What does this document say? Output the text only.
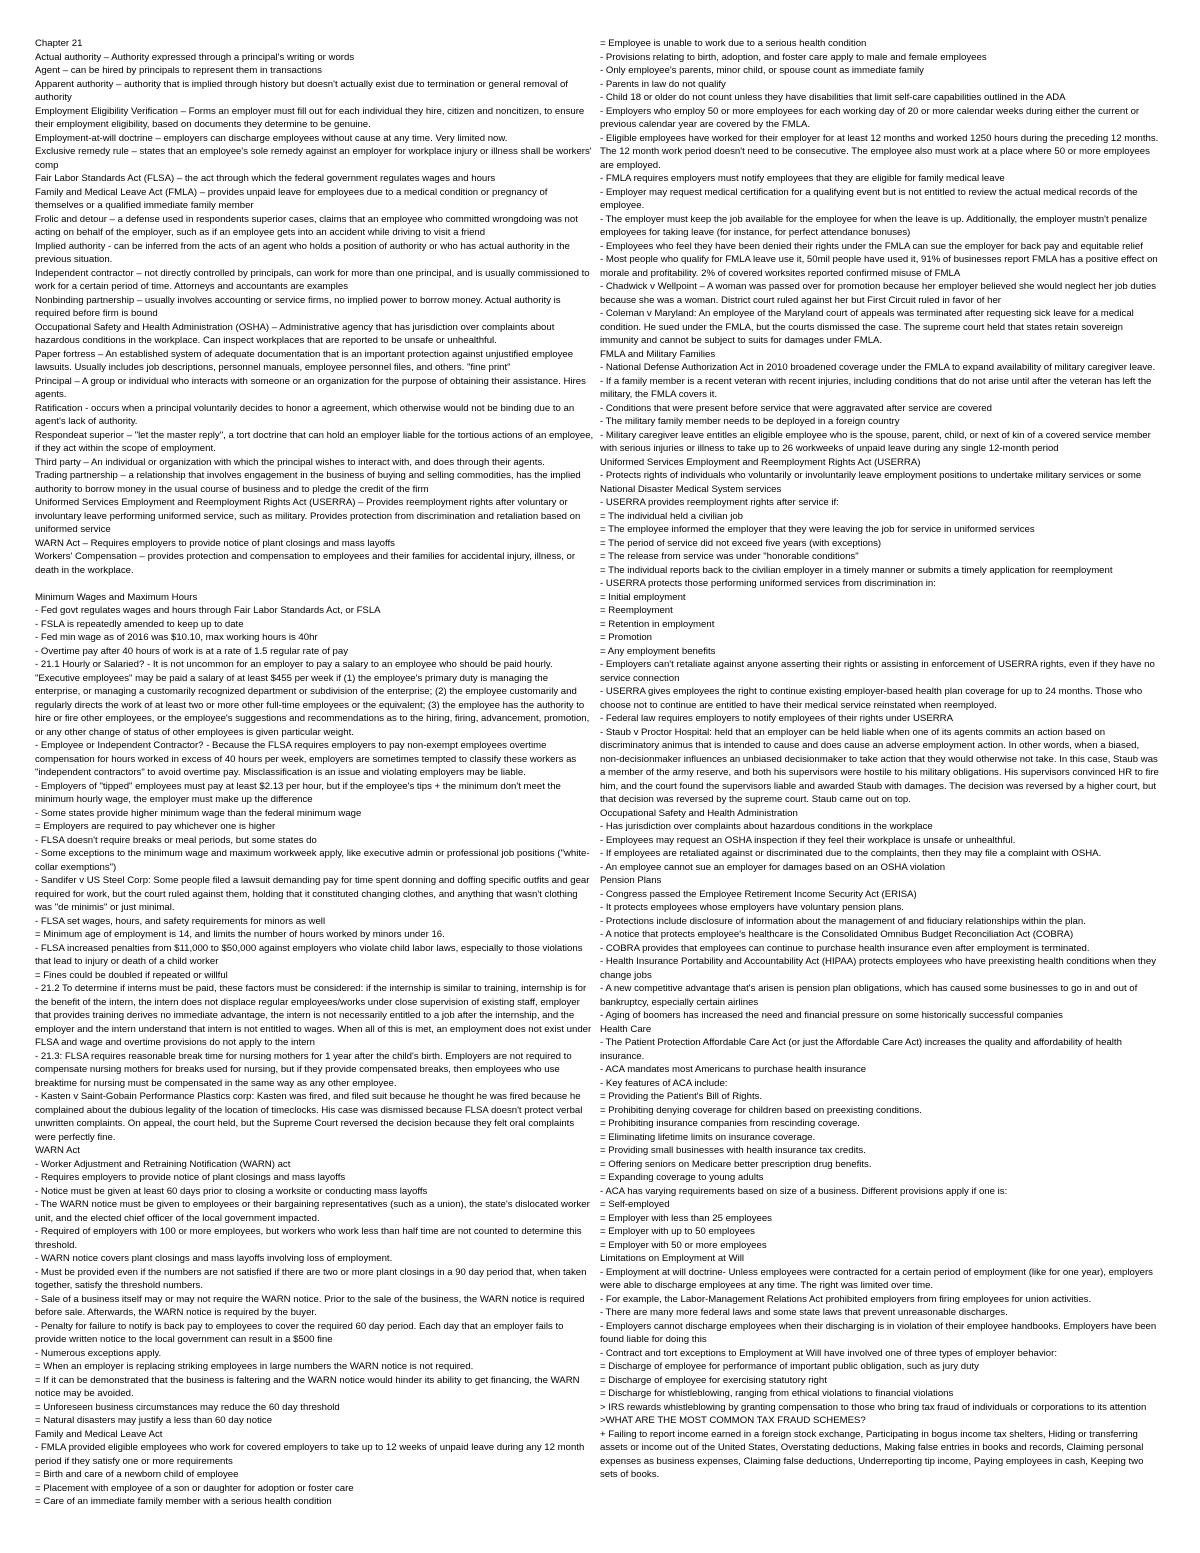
Chapter 21
Actual authority – Authority expressed through a principal's writing or words
Agent – can be hired by principals to represent them in transactions
Apparent authority – authority that is implied through history but doesn't actually exist due to termination or general removal of authority
Employment Eligibility Verification – Forms an employer must fill out for each individual they hire, citizen and noncitizen, to ensure their employment eligibility, based on documents they determine to be genuine.
Employment-at-will doctrine – employers can discharge employees without cause at any time. Very limited now.
Exclusive remedy rule – states that an employee's sole remedy against an employer for workplace injury or illness shall be workers' comp
Fair Labor Standards Act (FLSA) – the act through which the federal government regulates wages and hours
Family and Medical Leave Act (FMLA) – provides unpaid leave for employees due to a medical condition or pregnancy of themselves or a qualified immediate family member
Frolic and detour – a defense used in respondents superior cases, claims that an employee who committed wrongdoing was not acting on behalf of the employer, such as if an employee gets into an accident while driving to visit a friend
Implied authority - can be inferred from the acts of an agent who holds a position of authority or who has actual authority in the previous situation.
Independent contractor – not directly controlled by principals, can work for more than one principal, and is usually commissioned to work for a certain period of time. Attorneys and accountants are examples
Nonbinding partnership – usually involves accounting or service firms, no implied power to borrow money. Actual authority is required before firm is bound
Occupational Safety and Health Administration (OSHA) – Administrative agency that has jurisdiction over complaints about hazardous conditions in the workplace. Can inspect workplaces that are reported to be unsafe or unhealthful.
Paper fortress – An established system of adequate documentation that is an important protection against unjustified employee lawsuits. Usually includes job descriptions, personnel manuals, employee personnel files, and others. "fine print"
Principal – A group or individual who interacts with someone or an organization for the purpose of obtaining their assistance. Hires agents.
Ratification - occurs when a principal voluntarily decides to honor a agreement, which otherwise would not be binding due to an agent's lack of authority.
Respondeat superior – "let the master reply", a tort doctrine that can hold an employer liable for the tortious actions of an employee, if they act within the scope of employment.
Third party – An individual or organization with which the principal wishes to interact with, and does through their agents.
Trading partnership – a relationship that involves engagement in the business of buying and selling commodities, has the implied authority to borrow money in the usual course of business and to pledge the credit of the firm
Uniformed Services Employment and Reemployment Rights Act (USERRA) – Provides reemployment rights after voluntary or involuntary leave performing uniformed service, such as military. Provides protection from discrimination and retaliation based on uniformed service
WARN Act – Requires employers to provide notice of plant closings and mass layoffs
Workers' Compensation – provides protection and compensation to employees and their families for accidental injury, illness, or death in the workplace.
Minimum Wages and Maximum Hours
- Fed govt regulates wages and hours through Fair Labor Standards Act, or FSLA
- FSLA is repeatedly amended to keep up to date
- Fed min wage as of 2016 was $10.10, max working hours is 40hr
- Overtime pay after 40 hours of work is at a rate of 1.5 regular rate of pay
- 21.1 Hourly or Salaried? - It is not uncommon for an employer to pay a salary to an employee who should be paid hourly. "Executive employees" may be paid a salary of at least $455 per week if (1) the employee's primary duty is managing the enterprise, or managing a customarily recognized department or subdivision of the enterprise; (2) the employee customarily and regularly directs the work of at least two or more other full-time employees or the equivalent; (3) the employee has the authority to hire or fire other employees, or the employee's suggestions and recommendations as to the hiring, firing, advancement, promotion, or any other change of status of other employees is given particular weight.
- Employee or Independent Contractor? - Because the FLSA requires employers to pay non-exempt employees overtime compensation for hours worked in excess of 40 hours per week, employers are sometimes tempted to classify these workers as "independent contractors" to avoid overtime pay. Misclassification is an issue and violating employers may be liable.
- Employers of "tipped" employees must pay at least $2.13 per hour, but if the employee's tips + the minimum don't meet the minimum hourly wage, the employer must make up the difference
- Some states provide higher minimum wage than the federal minimum wage
= Employers are required to pay whichever one is higher
- FLSA doesn't require breaks or meal periods, but some states do
- Some exceptions to the minimum wage and maximum workweek apply, like executive admin or professional job positions ("white-collar exemptions")
- Sandifer v US Steel Corp: Some people filed a lawsuit demanding pay for time spent donning and doffing specific outfits and gear required for work, but the court ruled against them, holding that it constituted changing clothes, and anything that wasn't clothing was "de minimis" or just minimal.
- FLSA set wages, hours, and safety requirements for minors as well
= Minimum age of employment is 14, and limits the number of hours worked by minors under 16.
- FLSA increased penalties from $11,000 to $50,000 against employers who violate child labor laws, especially to those violations that lead to injury or death of a child worker
= Fines could be doubled if repeated or willful
- 21.2 To determine if interns must be paid, these factors must be considered: if the internship is similar to training, internship is for the benefit of the intern, the intern does not displace regular employees/works under close supervision of existing staff, employer that provides training derives no immediate advantage, the intern is not necessarily entitled to a job after the internship, and the employer and the intern understand that intern is not entitled to wages. When all of this is met, an employment does not exist under FLSA and wage and overtime provisions do not apply to the intern
- 21.3: FLSA requires reasonable break time for nursing mothers for 1 year after the child's birth. Employers are not required to compensate nursing mothers for breaks used for nursing, but if they provide compensated breaks, then employees who use breaktime for nursing must be compensated in the same way as any other employee.
- Kasten v Saint-Gobain Performance Plastics corp: Kasten was fired, and filed suit because he thought he was fired because he complained about the dubious legality of the location of timeclocks. His case was dismissed because FLSA doesn't protect verbal unwritten complaints. On appeal, the court held, but the Supreme Court reversed the decision because they felt oral complaints were perfectly fine.
WARN Act
- Worker Adjustment and Retraining Notification (WARN) act
- Requires employers to provide notice of plant closings and mass layoffs
- Notice must be given at least 60 days prior to closing a worksite or conducting mass layoffs
- The WARN notice must be given to employees or their bargaining representatives (such as a union), the state's dislocated worker unit, and the elected chief officer of the local government impacted.
- Required of employers with 100 or more employees, but workers who work less than half time are not counted to determine this threshold.
- WARN notice covers plant closings and mass layoffs involving loss of employment.
- Must be provided even if the numbers are not satisfied if there are two or more plant closings in a 90 day period that, when taken together, satisfy the threshold numbers.
- Sale of a business itself may or may not require the WARN notice. Prior to the sale of the business, the WARN notice is required before sale. Afterwards, the WARN notice is required by the buyer.
- Penalty for failure to notify is back pay to employees to cover the required 60 day period. Each day that an employer fails to provide written notice to the local government can result in a $500 fine
- Numerous exceptions apply.
= When an employer is replacing striking employees in large numbers the WARN notice is not required.
= If it can be demonstrated that the business is faltering and the WARN notice would hinder its ability to get financing, the WARN notice may be avoided.
= Unforeseen business circumstances may reduce the 60 day threshold
= Natural disasters may justify a less than 60 day notice
Family and Medical Leave Act
- FMLA provided eligible employees who work for covered employers to take up to 12 weeks of unpaid leave during any 12 month period if they satisfy one or more requirements
= Birth and care of a newborn child of employee
= Placement with employee of a son or daughter for adoption or foster care
= Care of an immediate family member with a serious health condition
= Employee is unable to work due to a serious health condition
- Provisions relating to birth, adoption, and foster care apply to male and female employees
- Only employee's parents, minor child, or spouse count as immediate family
- Parents in law do not qualify
- Child 18 or older do not count unless they have disabilities that limit self-care capabilities outlined in the ADA
- Employers who employ 50 or more employees for each working day of 20 or more calendar weeks during either the current or previous calendar year are covered by the FMLA.
- Eligible employees have worked for their employer for at least 12 months and worked 1250 hours during the preceding 12 months. The 12 month work period doesn't need to be consecutive. The employee also must work at a place where 50 or more employees are employed.
- FMLA requires employers must notify employees that they are eligible for family medical leave
- Employer may request medical certification for a qualifying event but is not entitled to review the actual medical records of the employee.
- The employer must keep the job available for the employee for when the leave is up. Additionally, the employer mustn't penalize employees for taking leave (for instance, for perfect attendance bonuses)
- Employees who feel they have been denied their rights under the FMLA can sue the employer for back pay and equitable relief
- Most people who qualify for FMLA leave use it, 50mil people have used it, 91% of businesses report FMLA has a positive effect on morale and profitability. 2% of covered worksites reported confirmed misuse of FMLA
- Chadwick v Wellpoint – A woman was passed over for promotion because her employer believed she would neglect her job duties because she was a woman. District court ruled against her but First Circuit ruled in favor of her
- Coleman v Maryland: An employee of the Maryland court of appeals was terminated after requesting sick leave for a medical condition. He sued under the FMLA, but the courts dismissed the case. The supreme court held that states retain sovereign immunity and cannot be subject to suits for damages under FMLA.
FMLA and Military Families
- National Defense Authorization Act in 2010 broadened coverage under the FMLA to expand availability of military caregiver leave.
- If a family member is a recent veteran with recent injuries, including conditions that do not arise until after the veteran has left the military, the FMLA covers it.
- Conditions that were present before service that were aggravated after service are covered
- The military family member needs to be deployed in a foreign country
- Military caregiver leave entitles an eligible employee who is the spouse, parent, child, or next of kin of a covered service member with serious injuries or illness to take up to 26 workweeks of unpaid leave during any single 12-month period
Uniformed Services Employment and Reemployment Rights Act (USERRA)
- Protects rights of individuals who voluntarily or involuntarily leave employment positions to undertake military services or some National Disaster Medical System services
- USERRA provides reemployment rights after service if:
= The individual held a civilian job
= The employee informed the employer that they were leaving the job for service in uniformed services
= The period of service did not exceed five years (with exceptions)
= The release from service was under "honorable conditions"
= The individual reports back to the civilian employer in a timely manner or submits a timely application for reemployment
- USERRA protects those performing uniformed services from discrimination in:
= Initial employment
= Reemployment
= Retention in employment
= Promotion
= Any employment benefits
- Employers can't retaliate against anyone asserting their rights or assisting in enforcement of USERRA rights, even if they have no service connection
- USERRA gives employees the right to continue existing employer-based health plan coverage for up to 24 months. Those who choose not to continue are entitled to have their medical service reinstated when reemployed.
- Federal law requires employers to notify employees of their rights under USERRA
- Staub v Proctor Hospital: held that an employer can be held liable when one of its agents commits an action based on discriminatory animus that is intended to cause and does cause an adverse employment action. In other words, when a biased, non-decisionmaker influences an unbiased decisionmaker to take action that they would otherwise not take. In this case, Staub was a member of the army reserve, and both his supervisors were hostile to his military obligations. His supervisors convinced HR to fire him, and the court found the supervisors liable and awarded Staub with damages. The decision was reversed by a higher court, but that decision was reversed by the supreme court. Staub came out on top.
Occupational Safety and Health Administration
- Has jurisdiction over complaints about hazardous conditions in the workplace
- Employees may request an OSHA inspection if they feel their workplace is unsafe or unhealthful.
- If employees are retaliated against or discriminated due to the complaints, then they may file a complaint with OSHA.
- An employee cannot sue an employer for damages based on an OSHA violation
Pension Plans
- Congress passed the Employee Retirement Income Security Act (ERISA)
- It protects employees whose employers have voluntary pension plans.
- Protections include disclosure of information about the management of and fiduciary relationships within the plan.
- A notice that protects employee's healthcare is the Consolidated Omnibus Budget Reconciliation Act (COBRA)
- COBRA provides that employees can continue to purchase health insurance even after employment is terminated.
- Health Insurance Portability and Accountability Act (HIPAA) protects employees who have preexisting health conditions when they change jobs
- A new competitive advantage that's arisen is pension plan obligations, which has caused some businesses to go in and out of bankruptcy, especially certain airlines
- Aging of boomers has increased the need and financial pressure on some historically successful companies
Health Care
- The Patient Protection Affordable Care Act (or just the Affordable Care Act) increases the quality and affordability of health insurance.
- ACA mandates most Americans to purchase health insurance
- Key features of ACA include:
= Providing the Patient's Bill of Rights.
= Prohibiting denying coverage for children based on preexisting conditions.
= Prohibiting insurance companies from rescinding coverage.
= Eliminating lifetime limits on insurance coverage.
= Providing small businesses with health insurance tax credits.
= Offering seniors on Medicare better prescription drug benefits.
= Expanding coverage to young adults
- ACA has varying requirements based on size of a business. Different provisions apply if one is:
= Self-employed
= Employer with less than 25 employees
= Employer with up to 50 employees
= Employer with 50 or more employees
Limitations on Employment at Will
- Employment at will doctrine- Unless employees were contracted for a certain period of employment (like for one year), employers were able to discharge employees at any time. The right was limited over time.
- For example, the Labor-Management Relations Act prohibited employers from firing employees for union activities.
- There are many more federal laws and some state laws that prevent unreasonable discharges.
- Employers cannot discharge employees when their discharging is in violation of their employee handbooks. Employers have been found liable for doing this
- Contract and tort exceptions to Employment at Will have involved one of three types of employer behavior:
= Discharge of employee for performance of important public obligation, such as jury duty
= Discharge of employee for exercising statutory right
= Discharge for whistleblowing, ranging from ethical violations to financial violations
> IRS rewards whistleblowing by granting compensation to those who bring tax fraud of individuals or corporations to its attention
>WHAT ARE THE MOST COMMON TAX FRAUD SCHEMES?
+ Failing to report income earned in a foreign stock exchange, Participating in bogus income tax shelters, Hiding or transferring assets or income out of the United States, Overstating deductions, Making false entries in books and records, Claiming personal expenses as business expenses, Claiming false deductions, Underreporting tip income, Paying employees in cash, Keeping two sets of books.
